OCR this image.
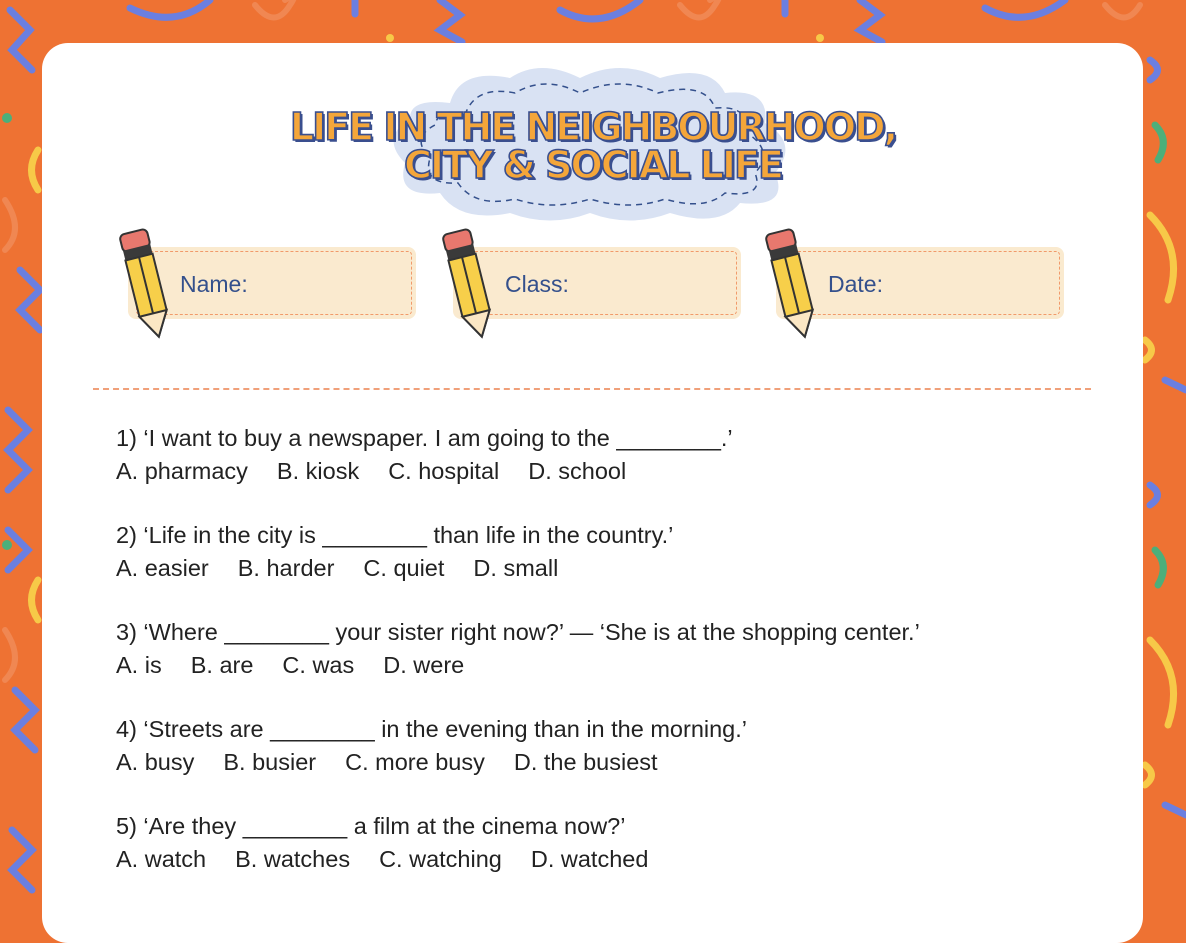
LIFE IN THE NEIGHBOURHOOD,
CITY & SOCIAL LIFE
Name:	Class:	Date:
1) ‘I want to buy a newspaper. I am going to the ________.’
A. pharmacy B. kiosk C. hospital D. school
2) ‘Life in the city is ________ than life in the country.’
A. easier B. harder C. quiet D. small
3) ‘Where ________ your sister right now?’ — ‘She is at the shopping center.’
A. is B. are C. was D. were
4) ‘Streets are ________ in the evening than in the morning.’
A. busy B. busier C. more busy D. the busiest
5) ‘Are they ________ a film at the cinema now?’
A. watch B. watches C. watching D. watched
